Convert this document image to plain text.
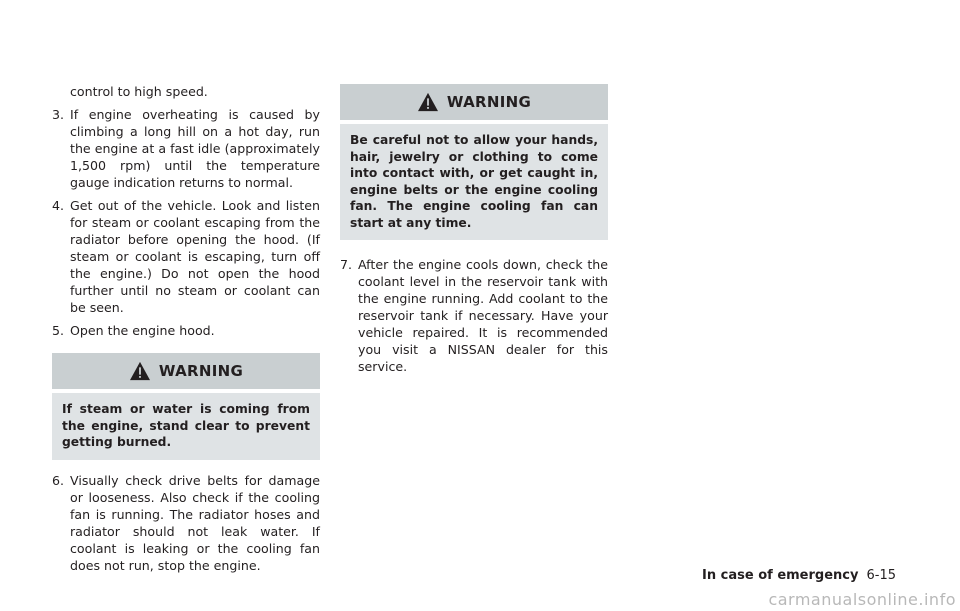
control to high speed.
3. If engine overheating is caused by climbing a long hill on a hot day, run the engine at a fast idle (approximately 1,500 rpm) until the temperature gauge indication returns to normal.
4. Get out of the vehicle. Look and listen for steam or coolant escaping from the radiator before opening the hood. (If steam or coolant is escaping, turn off the engine.) Do not open the hood further until no steam or coolant can be seen.
5. Open the engine hood.
WARNING
If steam or water is coming from the engine, stand clear to prevent getting burned.
6. Visually check drive belts for damage or looseness. Also check if the cooling fan is running. The radiator hoses and radiator should not leak water. If coolant is leaking or the cooling fan does not run, stop the engine.
WARNING
Be careful not to allow your hands, hair, jewelry or clothing to come into contact with, or get caught in, engine belts or the engine cooling fan. The engine cooling fan can start at any time.
7. After the engine cools down, check the coolant level in the reservoir tank with the engine running. Add coolant to the reservoir tank if necessary. Have your vehicle repaired. It is recommended you visit a NISSAN dealer for this service.
In case of emergency 6-15
carmanualsonline.info
